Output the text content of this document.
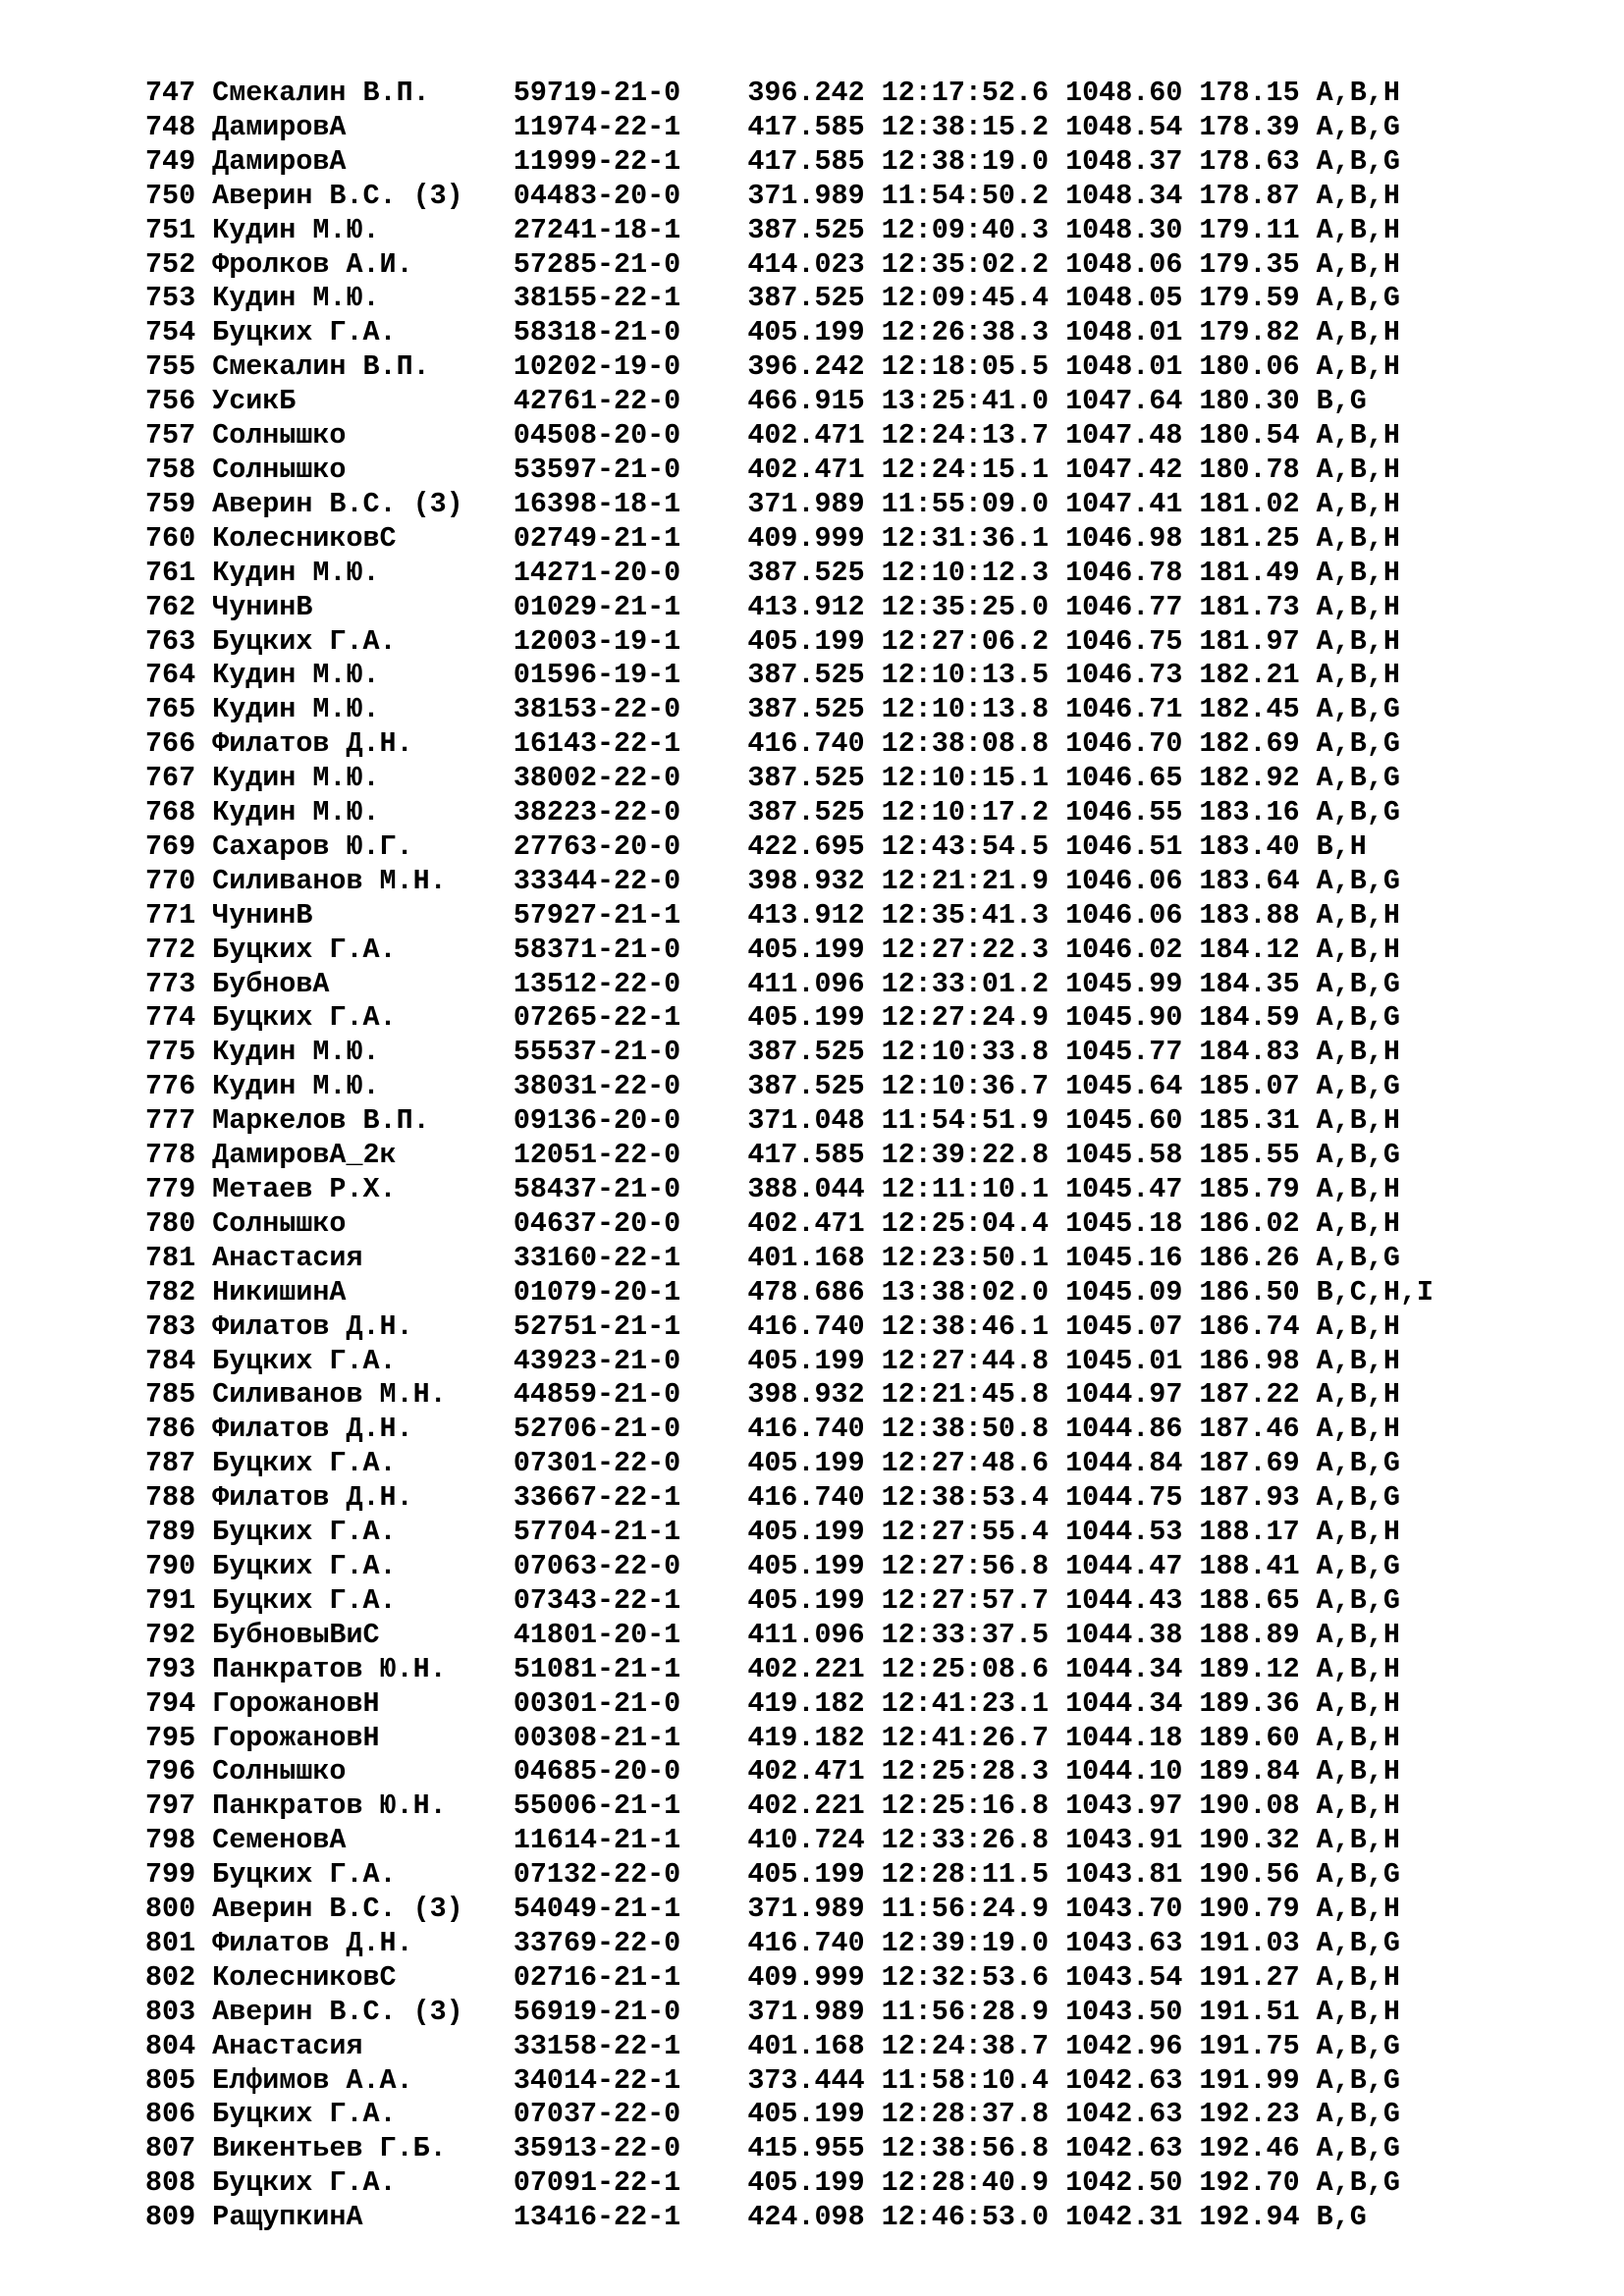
747 Смекалин В.П.     59719-21-0    396.242 12:17:52.6 1048.60 178.15 A,B,H
748 ДамировA          11974-22-1    417.585 12:38:15.2 1048.54 178.39 A,B,G
749 ДамировA          11999-22-1    417.585 12:38:19.0 1048.37 178.63 A,B,G
750 Аверин В.С. (3)   04483-20-0    371.989 11:54:50.2 1048.34 178.87 A,B,H
751 Кудин М.Ю.        27241-18-1    387.525 12:09:40.3 1048.30 179.11 A,B,H
752 Фролков А.И.      57285-21-0    414.023 12:35:02.2 1048.06 179.35 A,B,H
753 Кудин М.Ю.        38155-22-1    387.525 12:09:45.4 1048.05 179.59 A,B,G
754 Буцких Г.А.       58318-21-0    405.199 12:26:38.3 1048.01 179.82 A,B,H
755 Смекалин В.П.     10202-19-0    396.242 12:18:05.5 1048.01 180.06 A,B,H
756 УсикБ             42761-22-0    466.915 13:25:41.0 1047.64 180.30 B,G
757 Солнышко          04508-20-0    402.471 12:24:13.7 1047.48 180.54 A,B,H
758 Солнышко          53597-21-0    402.471 12:24:15.1 1047.42 180.78 A,B,H
759 Аверин В.С. (3)   16398-18-1    371.989 11:55:09.0 1047.41 181.02 A,B,H
760 КолесниковС       02749-21-1    409.999 12:31:36.1 1046.98 181.25 A,B,H
761 Кудин М.Ю.        14271-20-0    387.525 12:10:12.3 1046.78 181.49 A,B,H
762 ЧунинВ            01029-21-1    413.912 12:35:25.0 1046.77 181.73 A,B,H
763 Буцких Г.А.       12003-19-1    405.199 12:27:06.2 1046.75 181.97 A,B,H
764 Кудин М.Ю.        01596-19-1    387.525 12:10:13.5 1046.73 182.21 A,B,H
765 Кудин М.Ю.        38153-22-0    387.525 12:10:13.8 1046.71 182.45 A,B,G
766 Филатов Д.Н.      16143-22-1    416.740 12:38:08.8 1046.70 182.69 A,B,G
767 Кудин М.Ю.        38002-22-0    387.525 12:10:15.1 1046.65 182.92 A,B,G
768 Кудин М.Ю.        38223-22-0    387.525 12:10:17.2 1046.55 183.16 A,B,G
769 Сахаров Ю.Г.      27763-20-0    422.695 12:43:54.5 1046.51 183.40 B,H
770 Силиванов М.Н.    33344-22-0    398.932 12:21:21.9 1046.06 183.64 A,B,G
771 ЧунинВ            57927-21-1    413.912 12:35:41.3 1046.06 183.88 A,B,H
772 Буцких Г.А.       58371-21-0    405.199 12:27:22.3 1046.02 184.12 A,B,H
773 БубновA           13512-22-0    411.096 12:33:01.2 1045.99 184.35 A,B,G
774 Буцких Г.А.       07265-22-1    405.199 12:27:24.9 1045.90 184.59 A,B,G
775 Кудин М.Ю.        55537-21-0    387.525 12:10:33.8 1045.77 184.83 A,B,H
776 Кудин М.Ю.        38031-22-0    387.525 12:10:36.7 1045.64 185.07 A,B,G
777 Маркелов В.П.     09136-20-0    371.048 11:54:51.9 1045.60 185.31 A,B,H
778 ДамировA_2к       12051-22-0    417.585 12:39:22.8 1045.58 185.55 A,B,G
779 Метаев Р.Х.       58437-21-0    388.044 12:11:10.1 1045.47 185.79 A,B,H
780 Солнышко          04637-20-0    402.471 12:25:04.4 1045.18 186.02 A,B,H
781 Анастасия         33160-22-1    401.168 12:23:50.1 1045.16 186.26 A,B,G
782 НикишинA          01079-20-1    478.686 13:38:02.0 1045.09 186.50 B,C,H,I
783 Филатов Д.Н.      52751-21-1    416.740 12:38:46.1 1045.07 186.74 A,B,H
784 Буцких Г.А.       43923-21-0    405.199 12:27:44.8 1045.01 186.98 A,B,H
785 Силиванов М.Н.    44859-21-0    398.932 12:21:45.8 1044.97 187.22 A,B,H
786 Филатов Д.Н.      52706-21-0    416.740 12:38:50.8 1044.86 187.46 A,B,H
787 Буцких Г.А.       07301-22-0    405.199 12:27:48.6 1044.84 187.69 A,B,G
788 Филатов Д.Н.      33667-22-1    416.740 12:38:53.4 1044.75 187.93 A,B,G
789 Буцких Г.А.       57704-21-1    405.199 12:27:55.4 1044.53 188.17 A,B,H
790 Буцких Г.А.       07063-22-0    405.199 12:27:56.8 1044.47 188.41 A,B,G
791 Буцких Г.А.       07343-22-1    405.199 12:27:57.7 1044.43 188.65 A,B,G
792 БубновыВиС        41801-20-1    411.096 12:33:37.5 1044.38 188.89 A,B,H
793 Панкратов Ю.Н.    51081-21-1    402.221 12:25:08.6 1044.34 189.12 A,B,H
794 ГорожановН        00301-21-0    419.182 12:41:23.1 1044.34 189.36 A,B,H
795 ГорожановН        00308-21-1    419.182 12:41:26.7 1044.18 189.60 A,B,H
796 Солнышко          04685-20-0    402.471 12:25:28.3 1044.10 189.84 A,B,H
797 Панкратов Ю.Н.    55006-21-1    402.221 12:25:16.8 1043.97 190.08 A,B,H
798 СеменовA          11614-21-1    410.724 12:33:26.8 1043.91 190.32 A,B,H
799 Буцких Г.А.       07132-22-0    405.199 12:28:11.5 1043.81 190.56 A,B,G
800 Аверин В.С. (3)   54049-21-1    371.989 11:56:24.9 1043.70 190.79 A,B,H
801 Филатов Д.Н.      33769-22-0    416.740 12:39:19.0 1043.63 191.03 A,B,G
802 КолесниковС       02716-21-1    409.999 12:32:53.6 1043.54 191.27 A,B,H
803 Аверин В.С. (3)   56919-21-0    371.989 11:56:28.9 1043.50 191.51 A,B,H
804 Анастасия         33158-22-1    401.168 12:24:38.7 1042.96 191.75 A,B,G
805 Елфимов А.А.      34014-22-1    373.444 11:58:10.4 1042.63 191.99 A,B,G
806 Буцких Г.А.       07037-22-0    405.199 12:28:37.8 1042.63 192.23 A,B,G
807 Викентьев Г.Б.    35913-22-0    415.955 12:38:56.8 1042.63 192.46 A,B,G
808 Буцких Г.А.       07091-22-1    405.199 12:28:40.9 1042.50 192.70 A,B,G
809 РащупкинA         13416-22-1    424.098 12:46:53.0 1042.31 192.94 B,G
